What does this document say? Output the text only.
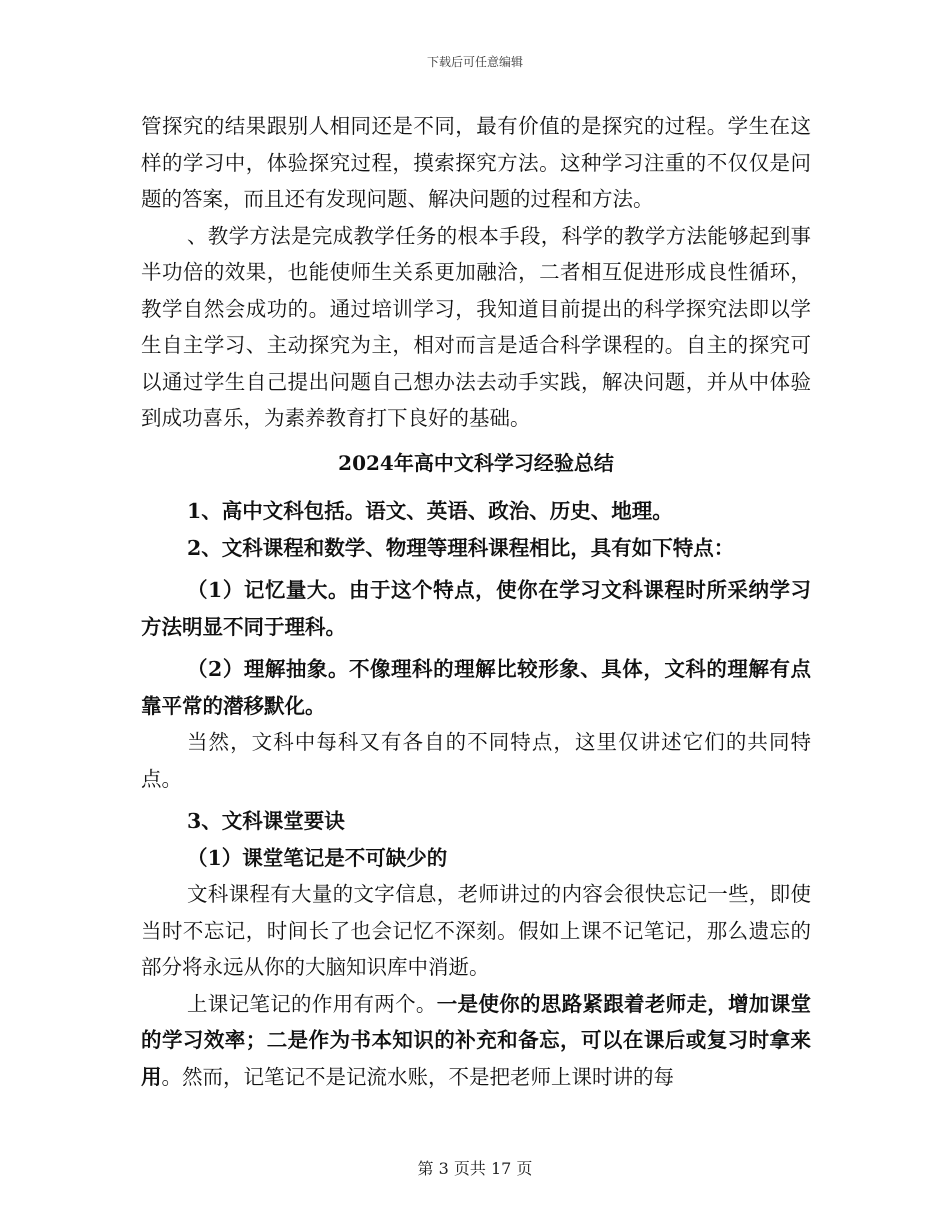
下载后可任意编辑

管探究的结果跟别人相同还是不同，最有价值的是探究的过程。学生在这样的学习中，体验探究过程，摸索探究方法。这种学习注重的不仅仅是问题的答案，而且还有发现问题、解决问题的过程和方法。

、教学方法是完成教学任务的根本手段，科学的教学方法能够起到事半功倍的效果，也能使师生关系更加融洽，二者相互促进形成良性循环，教学自然会成功的。通过培训学习，我知道目前提出的科学探究法即以学生自主学习、主动探究为主，相对而言是适合科学课程的。自主的探究可以通过学生自己提出问题自己想办法去动手实践，解决问题，并从中体验到成功喜乐，为素养教育打下良好的基础。

2024年高中文科学习经验总结

1、高中文科包括。语文、英语、政治、历史、地理。

2、文科课程和数学、物理等理科课程相比，具有如下特点：

（1）记忆量大。由于这个特点，使你在学习文科课程时所采纳学习方法明显不同于理科。

（2）理解抽象。不像理科的理解比较形象、具体，文科的理解有点靠平常的潜移默化。

当然，文科中每科又有各自的不同特点，这里仅讲述它们的共同特点。

3、文科课堂要诀

（1）课堂笔记是不可缺少的

文科课程有大量的文字信息，老师讲过的内容会很快忘记一些，即使当时不忘记，时间长了也会记忆不深刻。假如上课不记笔记，那么遗忘的部分将永远从你的大脑知识库中消逝。

上课记笔记的作用有两个。一是使你的思路紧跟着老师走，增加课堂的学习效率；二是作为书本知识的补充和备忘，可以在课后或复习时拿来用。然而，记笔记不是记流水账，不是把老师上课时讲的每

第 3 页共 17 页
